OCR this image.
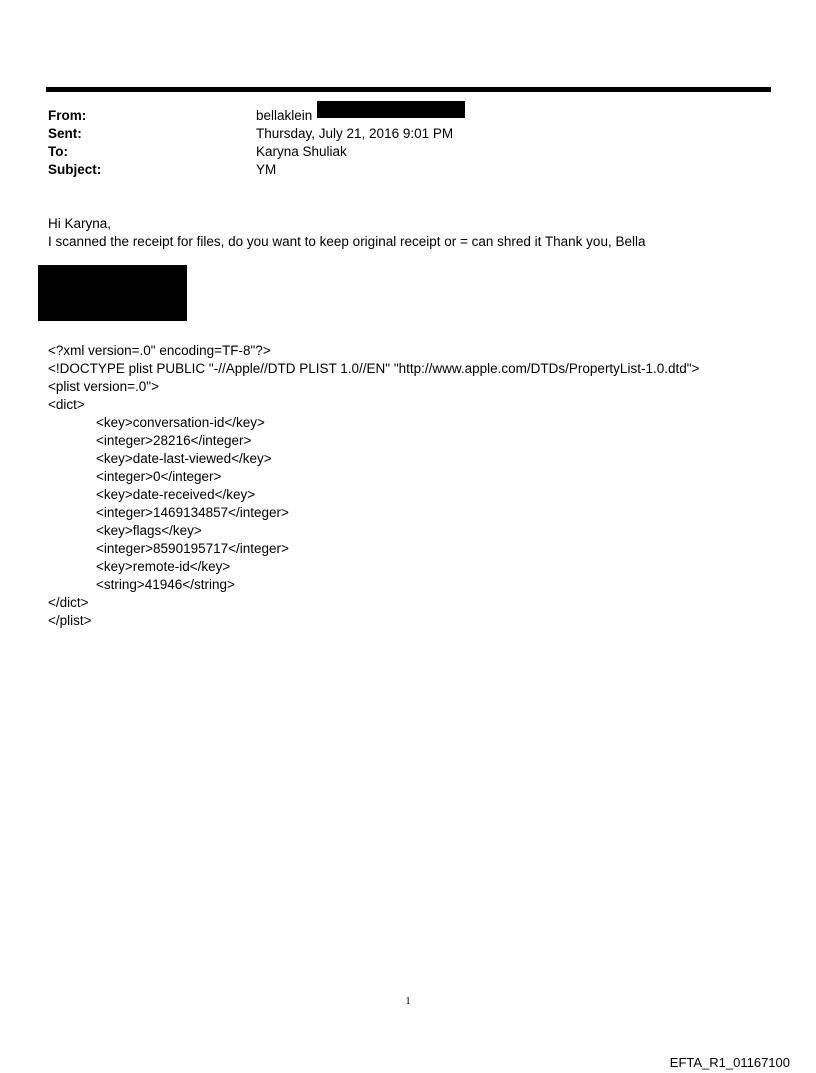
From:	bellaklein
Sent:	Thursday, July 21, 2016 9:01 PM
To:	Karyna Shuliak
Subject:	YM

Hi Karyna,

I scanned the receipt for files, do you want to keep original receipt or = can shred it Thank you, Bella

<?xml version=.0" encoding=TF-8"?>
<!DOCTYPE plist PUBLIC "-//Apple//DTD PLIST 1.0//EN" "http://www.apple.com/DTDs/PropertyList-1.0.dtd">
<plist version=.0">
<dict>
<key>conversation-id</key>
<integer>28216</integer>
<key>date-last-viewed</key>
<integer>0</integer>
<key>date-received</key>
<integer>1469134857</integer>
<key>flags</key>
<integer>8590195717</integer>
<key>remote-id</key>
<string>41946</string>
</dict>
</plist>
1
EFTA_R1_01167100
